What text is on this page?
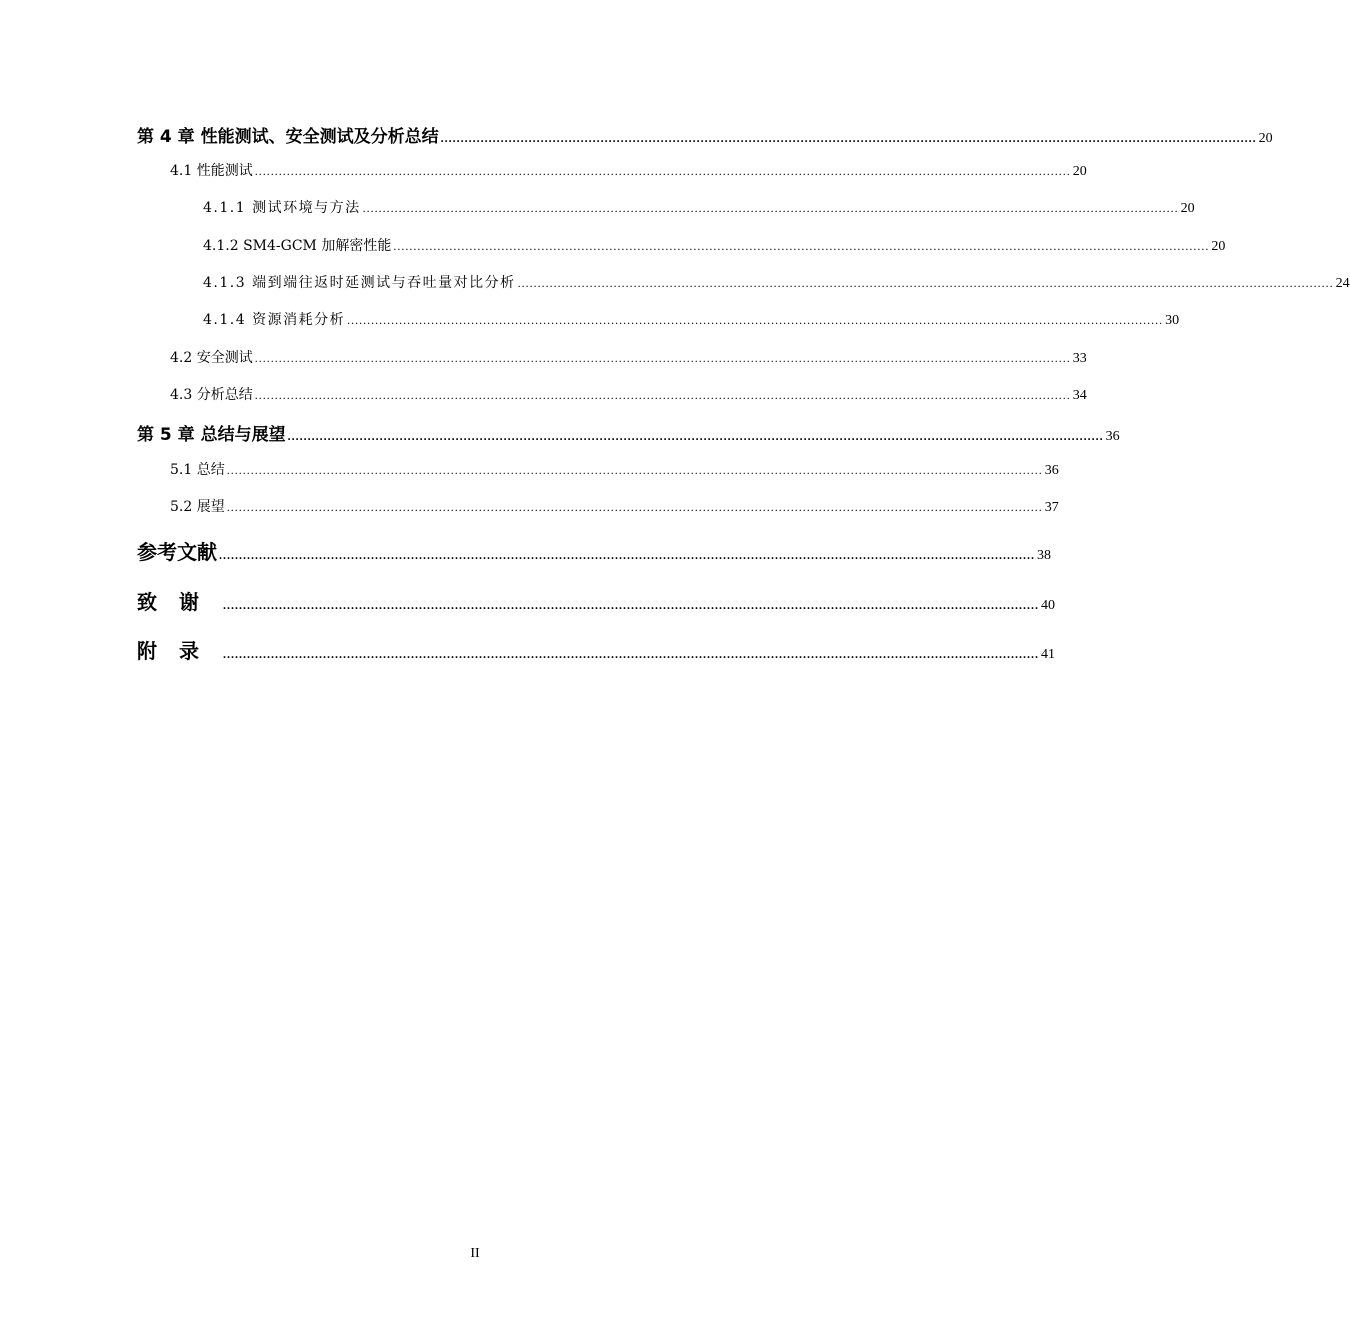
第 4 章 性能测试、安全测试及分析总结 ............................................................................................................................................................................................................ 20
4.1 性能测试 ............................................................................................................................................................................................................ 20
4.1.1 测试环境与方法 ............................................................................................................................................................................................................ 20
4.1.2 SM4-GCM 加解密性能 ............................................................................................................................................................................................................ 20
4.1.3 端到端往返时延测试与吞吐量对比分析 ............................................................................................................................................................................................................ 24
4.1.4 资源消耗分析 ............................................................................................................................................................................................................ 30
4.2 安全测试 ............................................................................................................................................................................................................ 33
4.3 分析总结 ............................................................................................................................................................................................................ 34
第 5 章 总结与展望 ............................................................................................................................................................................................................ 36
5.1 总结 ............................................................................................................................................................................................................ 36
5.2 展望 ............................................................................................................................................................................................................ 37
参考文献 ............................................................................................................................................................................................................ 38
致谢 ............................................................................................................................................................................................................ 40
附录 ............................................................................................................................................................................................................ 41
II
